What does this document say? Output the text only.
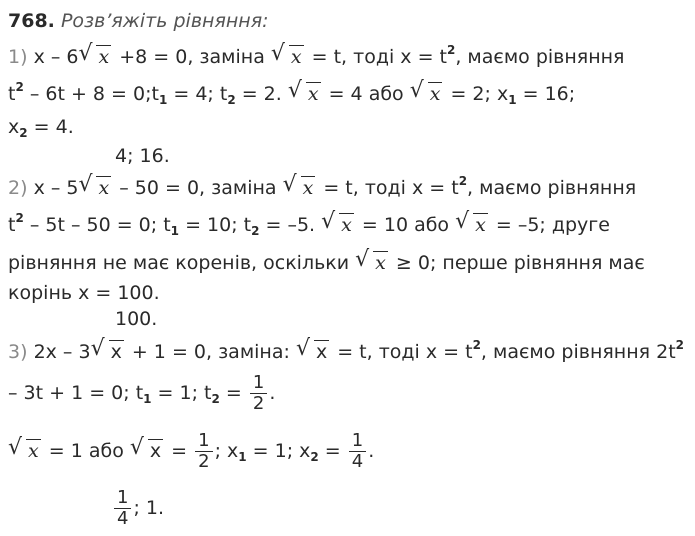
768. Розв’яжіть рівняння:
1) x – 6 √ x +8 = 0, заміна √ x = t, тоді $x = t^2$, маємо рівняння
$t^2 - 6t + 8$ = $0;t_1 = 4$; $t_2 = 2$. √ x = 4 або √ x = 2; $x_1 = 16$;
$x_2 = 4$.
4; 16.
2) x – 5 √ x – 50 = 0, заміна √ x = t, тоді $x = t^2$, маємо рівняння
$t^2 - 5t - 50 = 0$; $t_1 = 10$; $t_2 = -5$. √ x = 10 або √ x = –5; друге
рівняння не має коренів, оскільки √ x ≥ 0; перше рівняння має
корінь x = 100.
100.
3) 2x – 3 √ x + 1 = 0, заміна: √ x = t, тоді $x = t^2$, маємо рівняння $2t^2$
– 3t + 1 = 0; $t_1 = 1$; $t_2 = \frac{1}{2}$ .
√ x = 1 або √ $x = \frac{1}{2}$ ; $x_1 = 1$; $x_2 = \frac{1}{4}$ .
$\frac{1}{4}$ ; 1.
